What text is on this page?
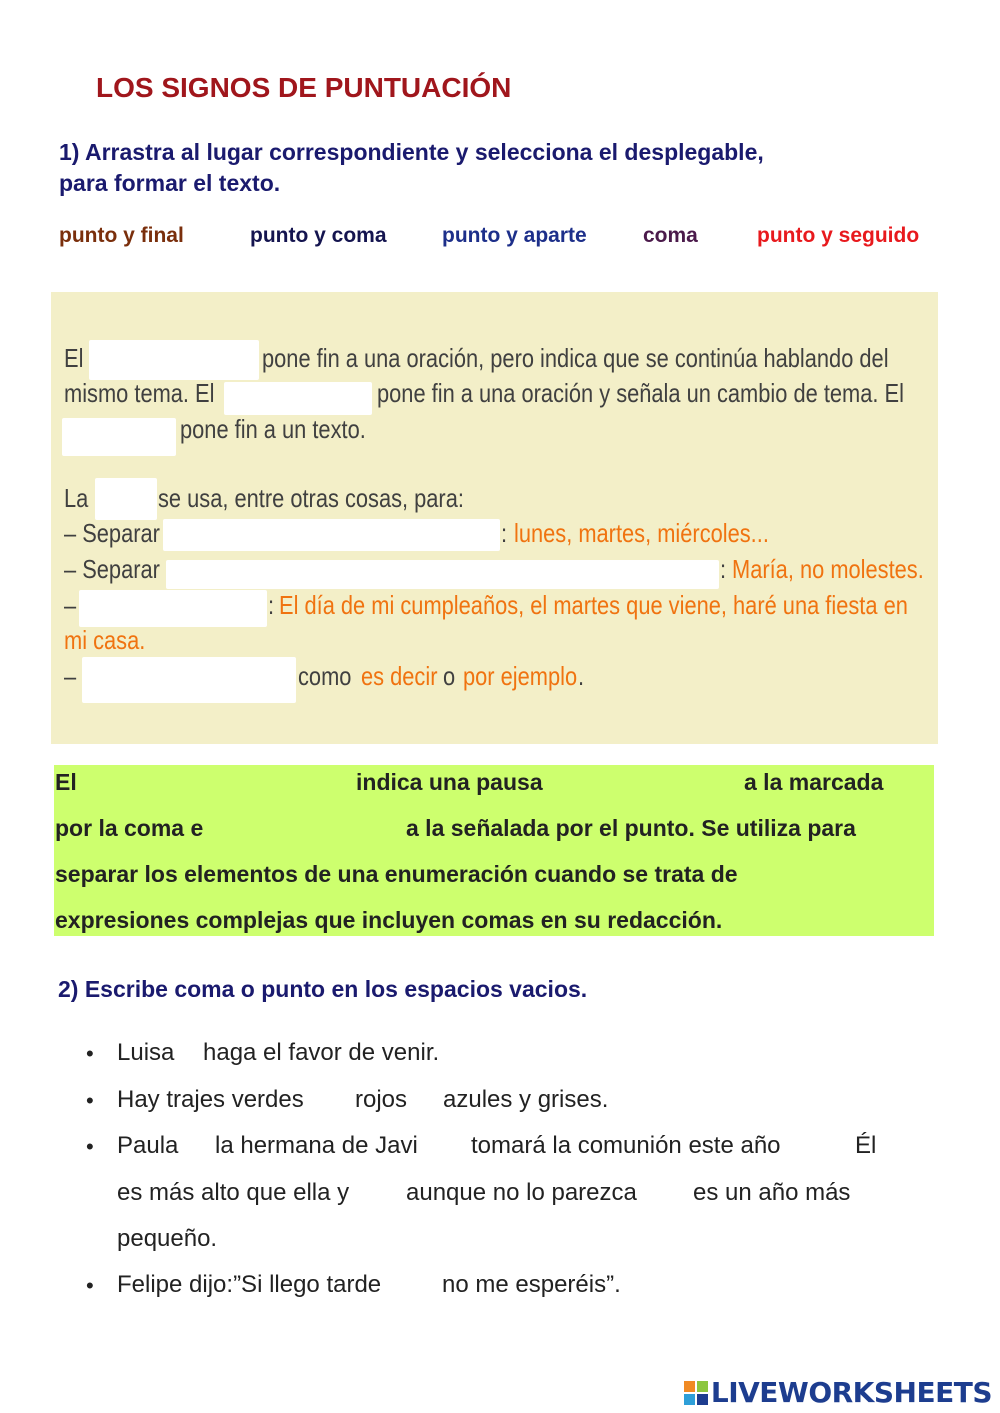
LOS SIGNOS DE PUNTUACIÓN
1) Arrastra al lugar correspondiente y selecciona el desplegable,
para formar el texto.
punto y final	punto y coma	punto y aparte	coma	punto y seguido
El	pone fin a una oración, pero indica que se continúa hablando del
mismo tema. El	pone fin a una oración y señala un cambio de tema. El
pone fin a un texto.
La	se usa, entre otras cosas, para:
– Separar	: lunes, martes, miércoles...
– Separar	: María, no molestes.
–	: El día de mi cumpleaños, el martes que viene, haré una fiesta en
mi casa.
–	como es decir o por ejemplo .
El	indica una pausa	a la marcada
por la coma e	a la señalada por el punto. Se utiliza para
separar los elementos de una enumeración cuando se trata de
expresiones complejas que incluyen comas en su redacción.
2) Escribe coma o punto en los espacios vacios.
• Luisa haga el favor de venir.
• Hay trajes verdes rojos azules y grises.
• Paula la hermana de Javi tomará la comunión este año	Él
es más alto que ella y aunque no lo parezca es un año más
pequeño.
• Felipe dijo:”Si llego tarde	no me esperéis”.
LIVEWORKSHEETS
